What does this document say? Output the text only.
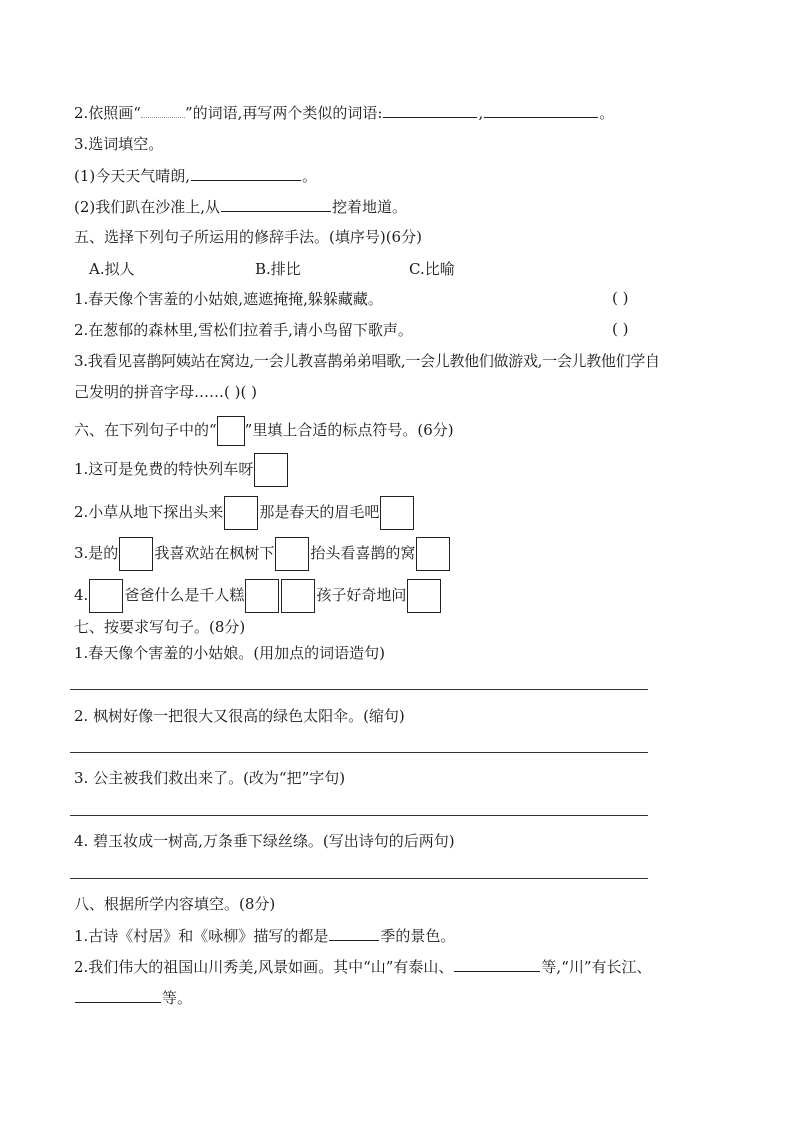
2.依照画“	”的词语,再写两个类似的词语:	,	。
3.选词填空。
(1)今天天气晴朗,	。
(2)我们趴在沙准上,从	挖着地道。
五、选择下列句子所运用的修辞手法。(填序号)(6分)
A.拟人	B.排比	C.比喻
1.春天像个害羞的小姑娘,遮遮掩掩,躲躲藏藏。	( )
2.在葱郁的森林里,雪松们拉着手,请小鸟留下歌声。	( )
3.我看见喜鹊阿姨站在窝边,一会儿教喜鹊弟弟唱歌,一会儿教他们做游戏,一会儿教他们学自
己发明的拼音字母……( )( )
六、在下列句子中的“ ”里填上合适的标点符号。(6分)
1.这可是免费的特快列车呀
2.小草从地下探出头来 那是春天的眉毛吧
3.是的 我喜欢站在枫树下 抬头看喜鹊的窝
4. 爸爸什么是千人糕	孩子好奇地问
七、按要求写句子。(8分)
1.春天像个害羞的小姑娘。(用加点的词语造句)
2. 枫树好像一把很大又很高的绿色太阳伞。(缩句)
3. 公主被我们救出来了。(改为“把”字句)
4. 碧玉妆成一树高,万条垂下绿丝绦。(写出诗句的后两句)
八、根据所学内容填空。(8分)
1.古诗《村居》和《咏柳》描写的都是	季的景色。
2.我们伟大的祖国山川秀美,风景如画。其中“山”有泰山、	等,“川”有长江、
等。
